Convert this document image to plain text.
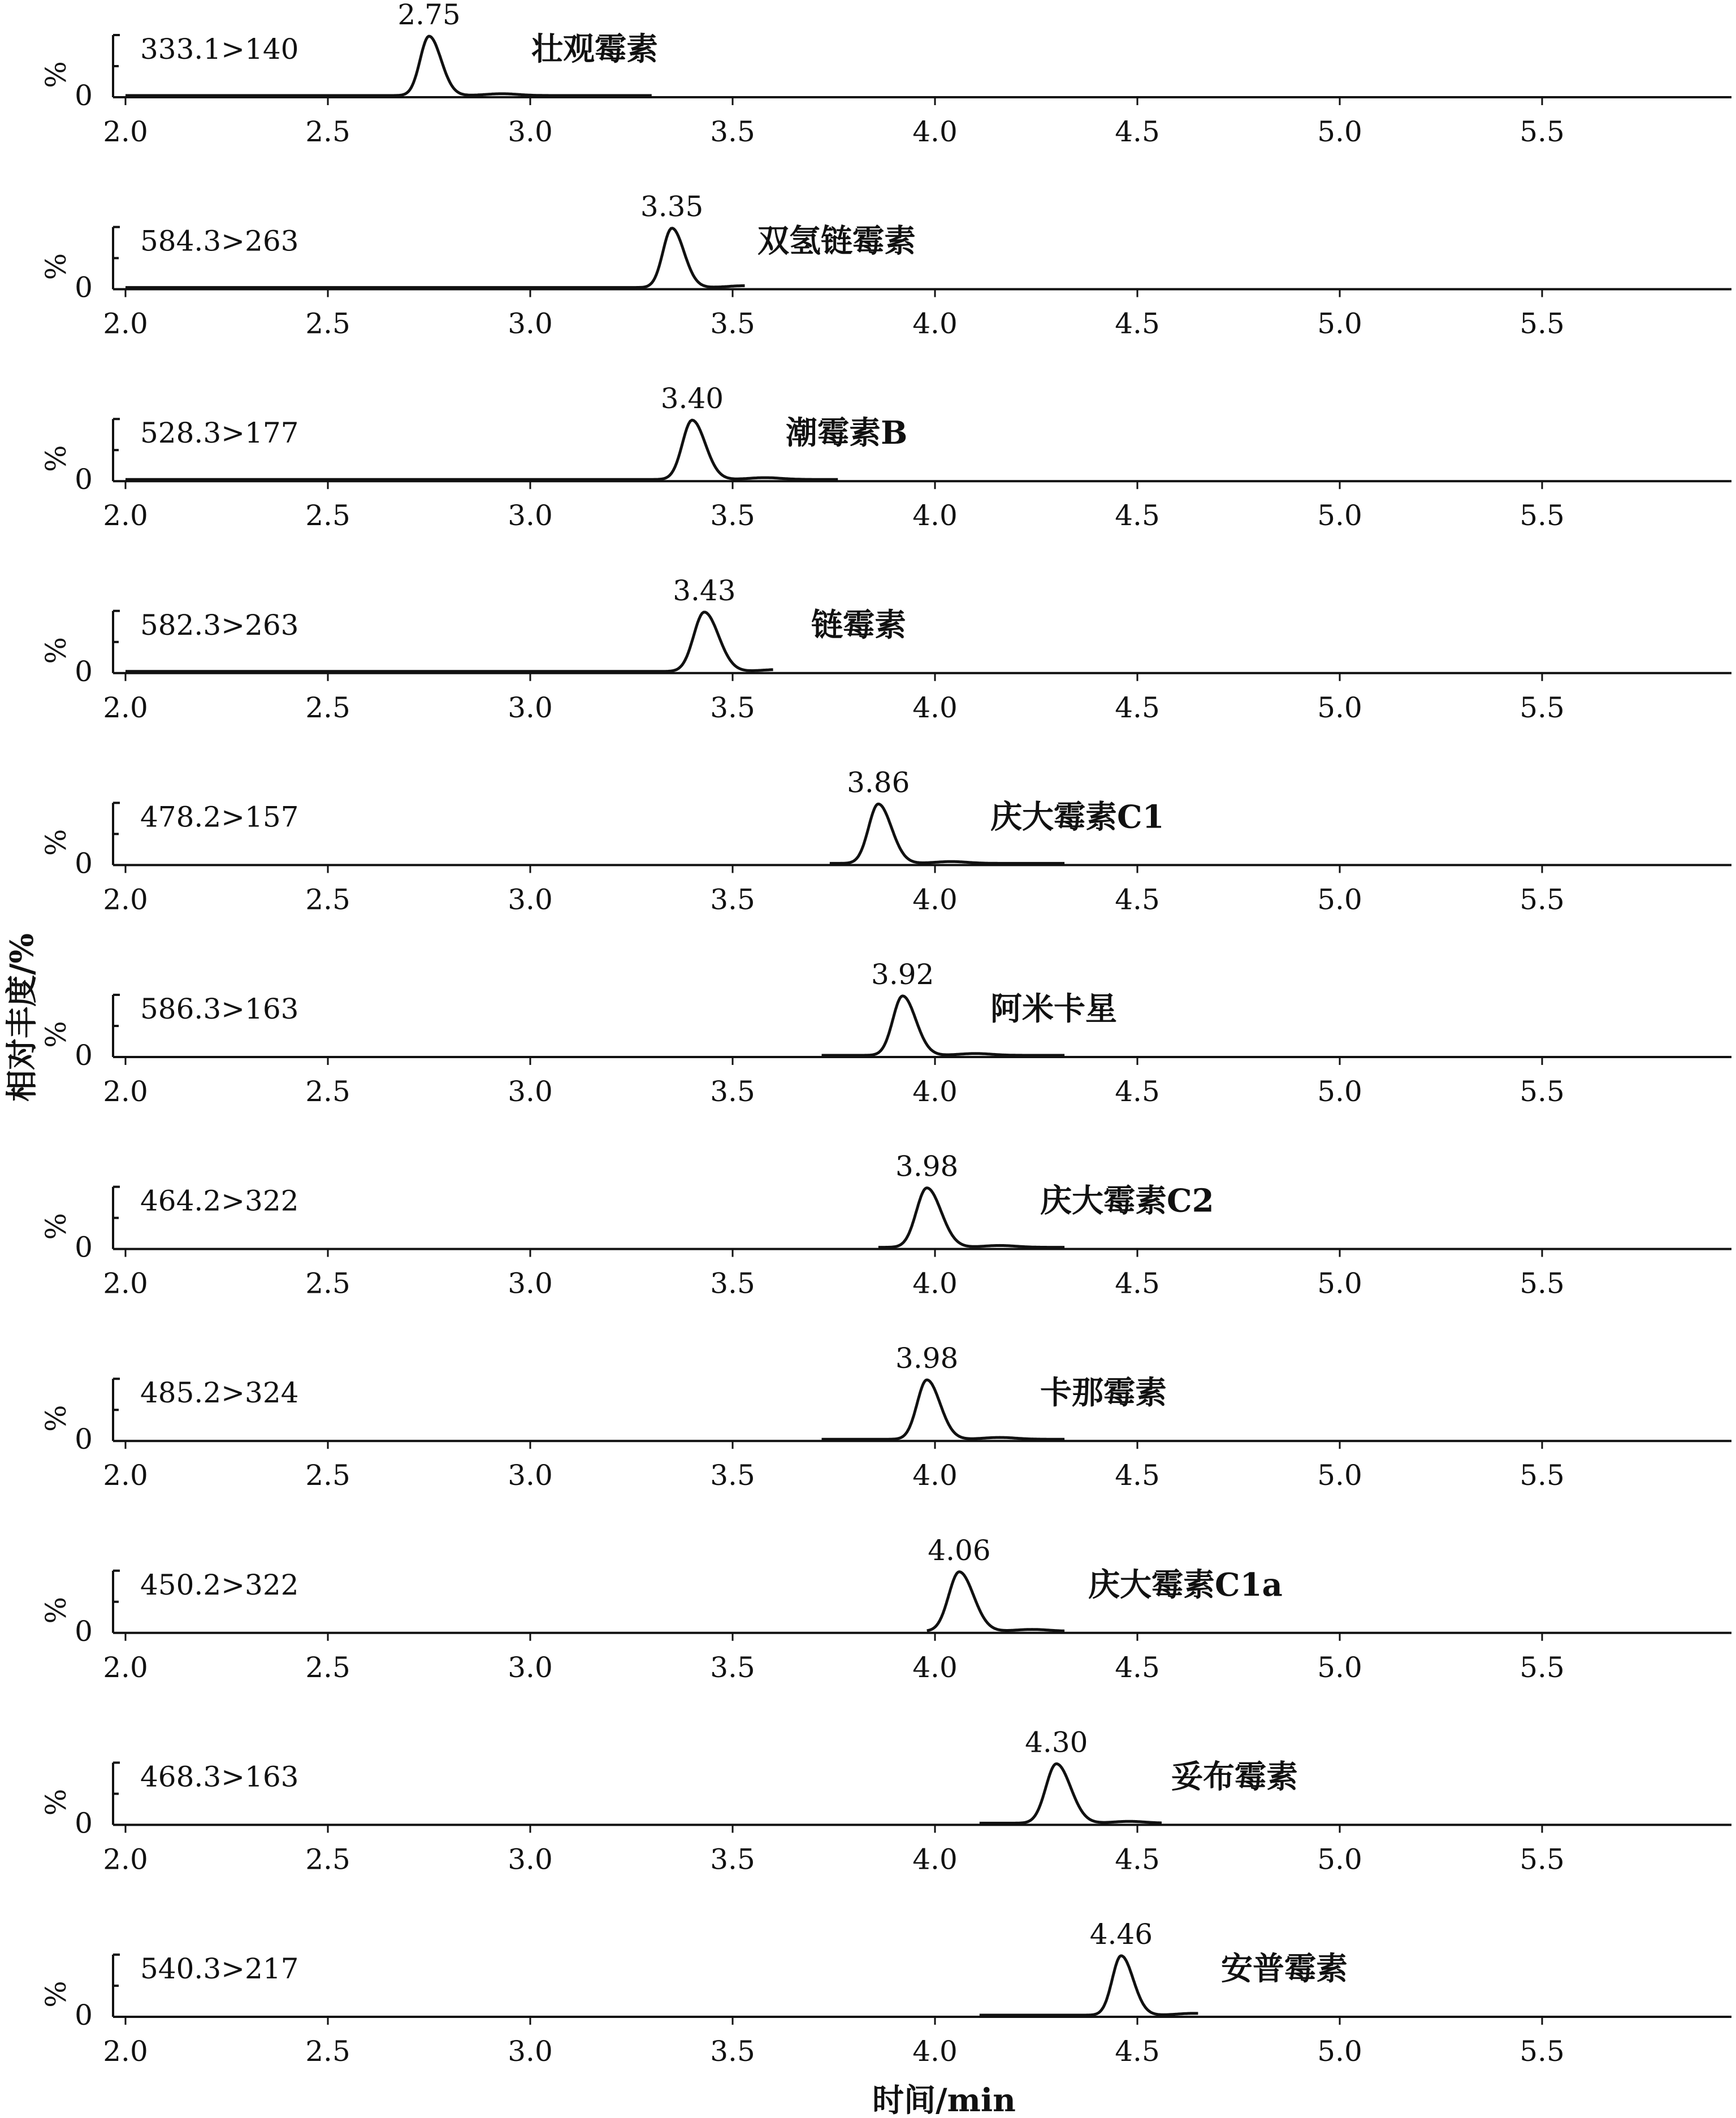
%
0
2.0	2.5	3.0	3.5	4.0	4.5	5.0	5.5
333.1>140
2.75
壮观霉素
%
0
2.0	2.5	3.0	3.5	4.0	4.5	5.0	5.5
584.3>263
3.35
双氢链霉素
%
0
2.0	2.5	3.0	3.5	4.0	4.5	5.0	5.5
528.3>177
3.40
潮霉素B
%
0
2.0	2.5	3.0	3.5	4.0	4.5	5.0	5.5
582.3>263
3.43
链霉素
%
0
2.0	2.5	3.0	3.5	4.0	4.5	5.0	5.5
478.2>157
3.86
庆大霉素C1
%
0
2.0	2.5	3.0	3.5	4.0	4.5	5.0	5.5
586.3>163
3.92
阿米卡星
%
0
2.0	2.5	3.0	3.5	4.0	4.5	5.0	5.5
464.2>322
3.98
庆大霉素C2
%
0
2.0	2.5	3.0	3.5	4.0	4.5	5.0	5.5
485.2>324
3.98
卡那霉素
%
0
2.0	2.5	3.0	3.5	4.0	4.5	5.0	5.5
450.2>322
4.06
庆大霉素C1a
%
0
2.0	2.5	3.0	3.5	4.0	4.5	5.0	5.5
468.3>163
4.30
妥布霉素
%
0
2.0	2.5	3.0	3.5	4.0	4.5	5.0	5.5
540.3>217
4.46
安普霉素
相对丰度/%
时间/min
